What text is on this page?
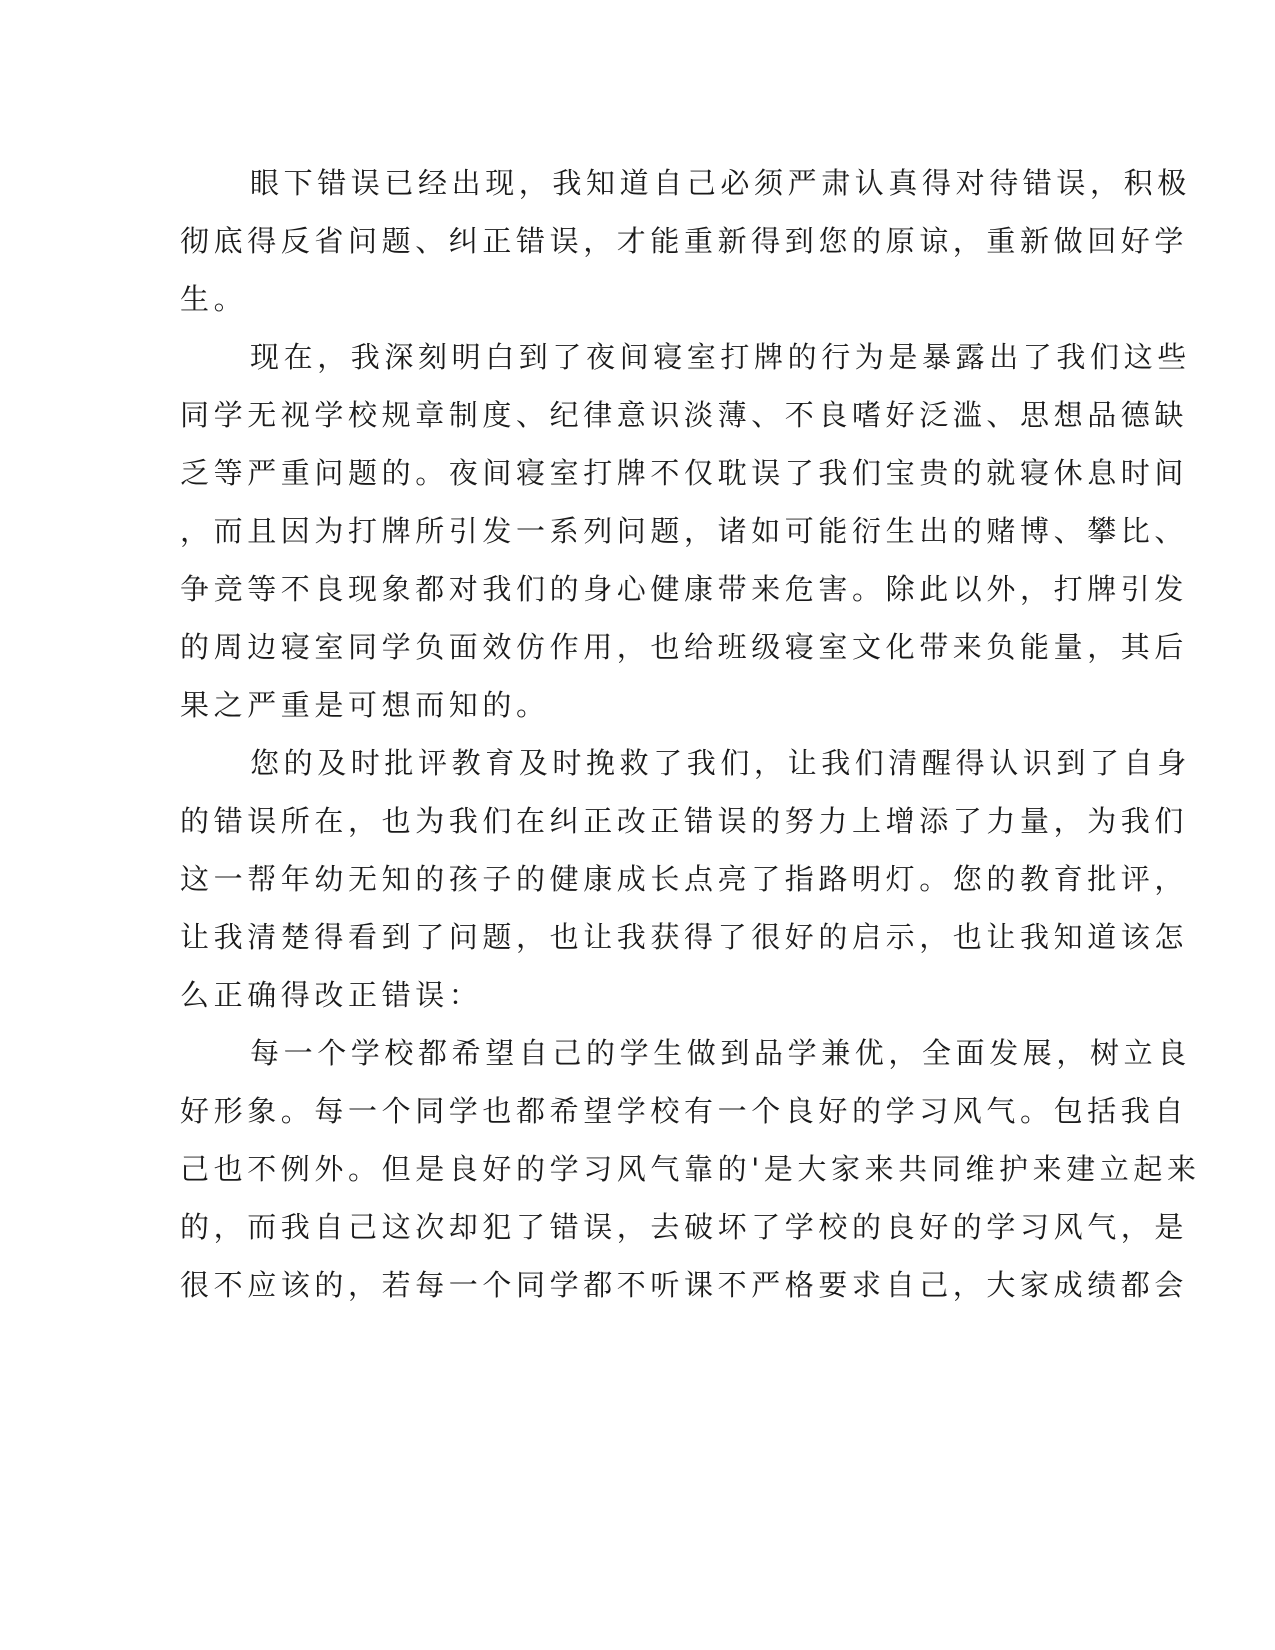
眼下错误已经出现，我知道自己必须严肃认真得对待错误，积极
彻底得反省问题、纠正错误，才能重新得到您的原谅，重新做回好学
生。
现在，我深刻明白到了夜间寝室打牌的行为是暴露出了我们这些
同学无视学校规章制度、纪律意识淡薄、不良嗜好泛滥、思想品德缺
乏等严重问题的。夜间寝室打牌不仅耽误了我们宝贵的就寝休息时间
，而且因为打牌所引发一系列问题，诸如可能衍生出的赌博、攀比、
争竞等不良现象都对我们的身心健康带来危害。除此以外，打牌引发
的周边寝室同学负面效仿作用，也给班级寝室文化带来负能量，其后
果之严重是可想而知的。
您的及时批评教育及时挽救了我们，让我们清醒得认识到了自身
的错误所在，也为我们在纠正改正错误的努力上增添了力量，为我们
这一帮年幼无知的孩子的健康成长点亮了指路明灯。您的教育批评，
让我清楚得看到了问题，也让我获得了很好的启示，也让我知道该怎
么正确得改正错误：
每一个学校都希望自己的学生做到品学兼优，全面发展，树立良
好形象。每一个同学也都希望学校有一个良好的学习风气。包括我自
己也不例外。但是良好的学习风气靠的'是大家来共同维护来建立起来
的，而我自己这次却犯了错误，去破坏了学校的良好的学习风气，是
很不应该的，若每一个同学都不听课不严格要求自己，大家成绩都会
